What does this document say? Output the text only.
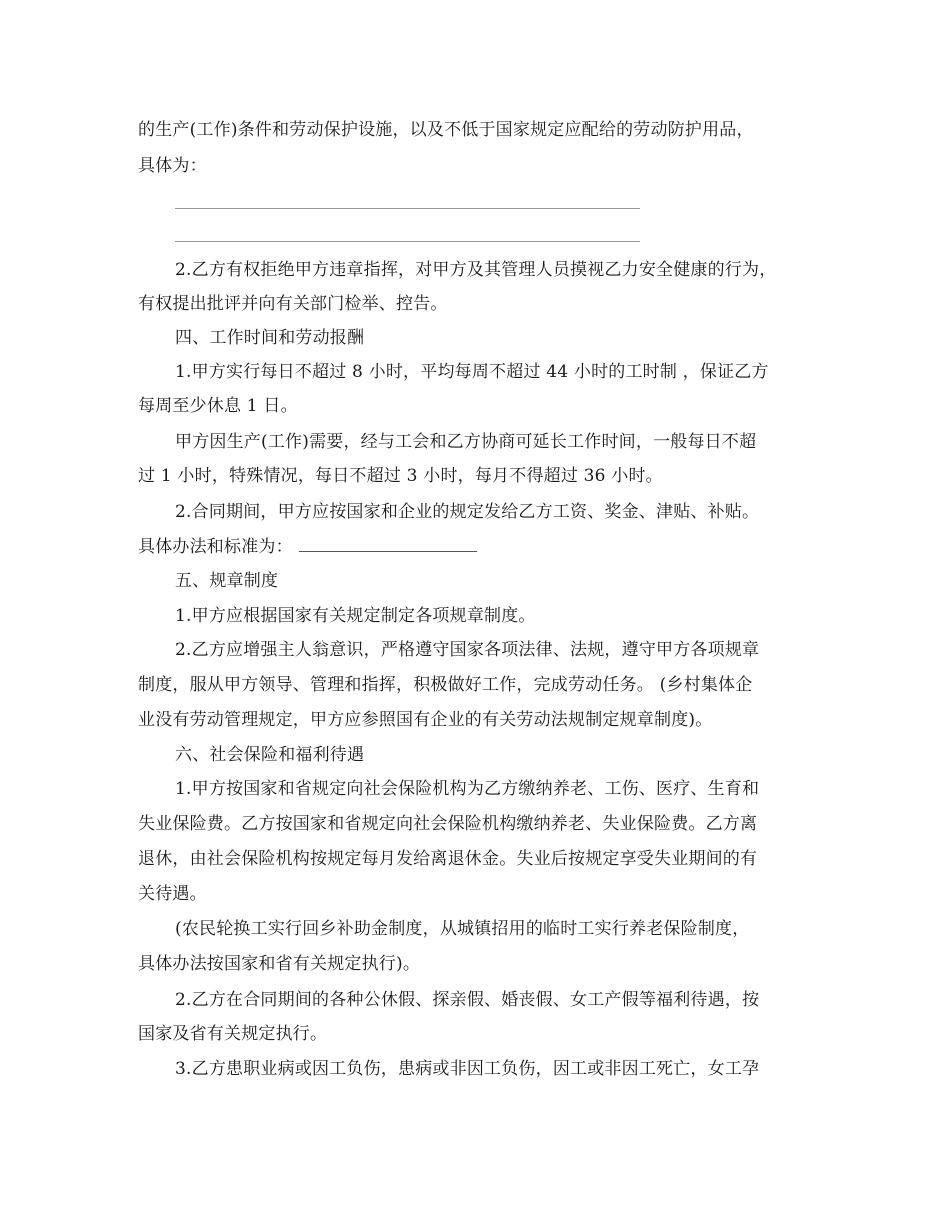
的生产(工作)条件和劳动保护设施，以及不低于国家规定应配给的劳动防护用品，
具体为：
2.乙方有权拒绝甲方违章指挥，对甲方及其管理人员摸视乙力安全健康的行为，
有权提出批评并向有关部门检举、控告。
四、工作时间和劳动报酬
1.甲方实行每日不超过 8 小时，平均每周不超过 44 小时的工时制 ，保证乙方
每周至少休息 1 日。
甲方因生产(工作)需要，经与工会和乙方协商可延长工作时间，一般每日不超
过 1 小时，特殊情况，每日不超过 3 小时，每月不得超过 36 小时。
2.合同期间，甲方应按国家和企业的规定发给乙方工资、奖金、津贴、补贴。
具体办法和标准为：
五、规章制度
1.甲方应根据国家有关规定制定各项规章制度。
2.乙方应增强主人翁意识，严格遵守国家各项法律、法规，遵守甲方各项规章
制度，服从甲方领导、管理和指挥，积极做好工作，完成劳动任务。 (乡村集体企
业没有劳动管理规定，甲方应参照国有企业的有关劳动法规制定规章制度)。
六、社会保险和福利待遇
1.甲方按国家和省规定向社会保险机构为乙方缴纳养老、工伤、医疗、生育和
失业保险费。乙方按国家和省规定向社会保险机构缴纳养老、失业保险费。乙方离
退休，由社会保险机构按规定每月发给离退休金。失业后按规定享受失业期间的有
关待遇。
(农民轮换工实行回乡补助金制度，从城镇招用的临时工实行养老保险制度，
具体办法按国家和省有关规定执行)。
2.乙方在合同期间的各种公休假、探亲假、婚丧假、女工产假等福利待遇，按
国家及省有关规定执行。
3.乙方患职业病或因工负伤，患病或非因工负伤，因工或非因工死亡，女工孕
